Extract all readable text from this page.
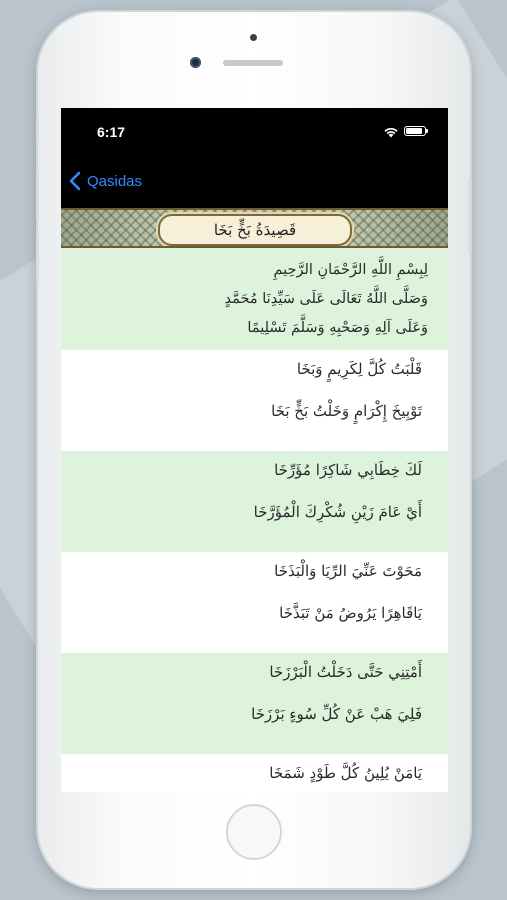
6:17
Qasidas
قَصِيدَةُ بَخٍّ بَخَا
لِبِسْمِ اللَّهِ الرَّحْمَانِ الرَّحِيمِ
وَصَلَّى اللَّهُ تَعَالَى عَلَى سَيِّدِنَا مُحَمَّدٍ
وَعَلَى آلِهِ وَصَحْبِهِ وَسَلَّمَ تَسْلِيمًا
قَلْبَتُ كُلَّ لِكَرِيمٍ وَبَخَا
تَوْبِيخَ إِكْرَامٍ وَخَلْتُ بَخٍّ بَخَا
لَكَ خِطَابِي شَاكِرًا مُؤَرِّخَا
أَيْ عَامَ زَيْنِ شُكْرِكَ الْمُؤَرَّخَا
مَحَوْتَ عَنِّيَ الرِّيَا وَالْبَذَخَا
يَاقَاهِرًا يَرُوضُ مَنْ تَبَذَّخَا
أَمْتِنِي حَتَّى دَخَلْتُ الْبَرْزَخَا
فَلِيَ هَبْ عَنْ كُلِّ سُوءٍ بَرْزَخَا
يَامَنْ يُلِينُ كُلَّ طَوْدٍ شَمَخَا
